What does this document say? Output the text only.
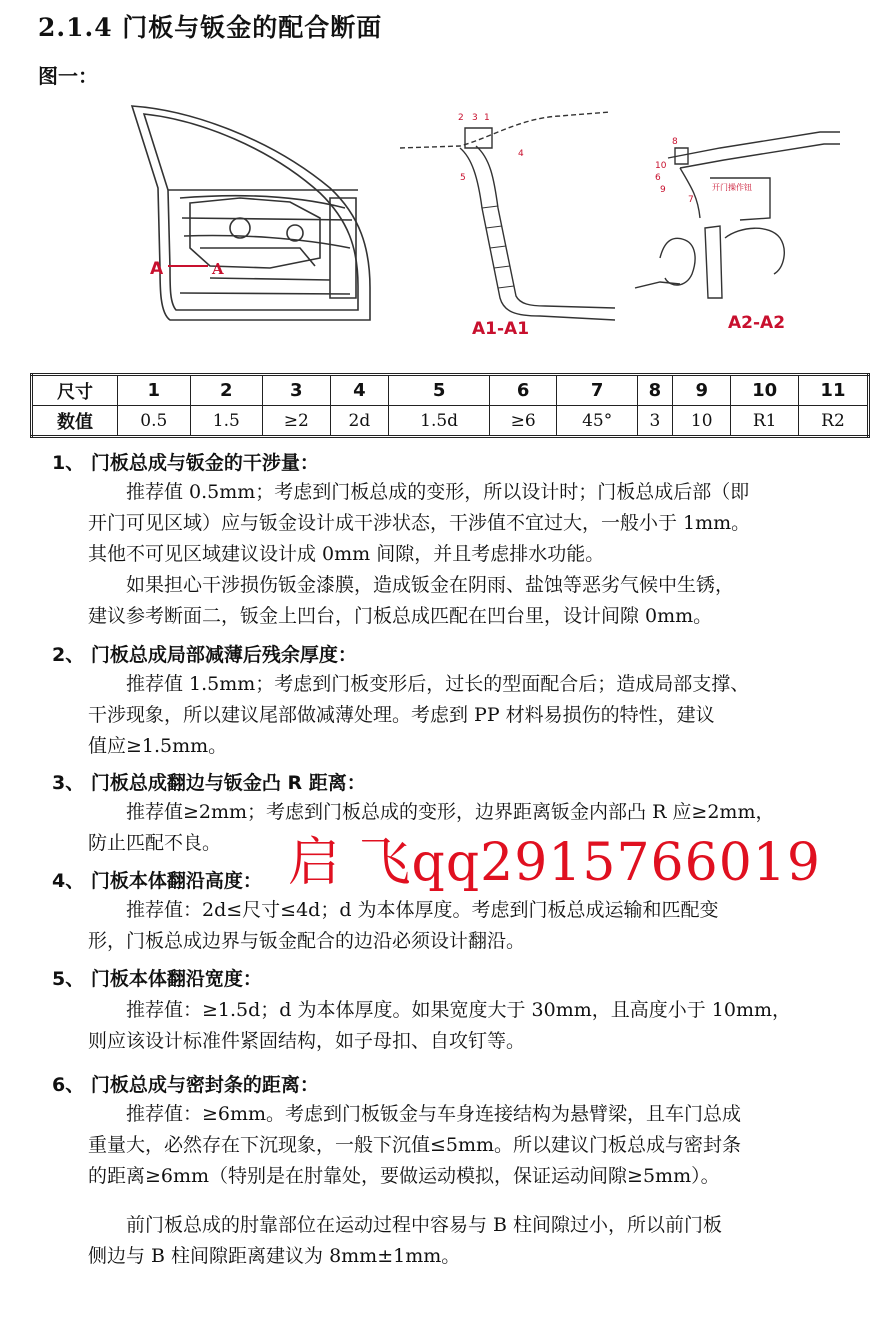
2.1.4 门板与钣金的配合断面
图一：
A	A
2 3 1
4
5
A1-A1
8
10
6
7
9	开门操作钮
A2-A2
尺寸	1	2	3	4	5	6	7	8	9	10	11
数值	0.5	1.5	≥2	2d	1.5d	≥6	45°	3	10	R1	R2
1、 门板总成与钣金的干涉量：
　　推荐值 0.5mm；考虑到门板总成的变形，所以设计时；门板总成后部（即
开门可见区域）应与钣金设计成干涉状态，干涉值不宜过大，一般小于 1mm。
其他不可见区域建议设计成 0mm 间隙，并且考虑排水功能。
　　如果担心干涉损伤钣金漆膜，造成钣金在阴雨、盐蚀等恶劣气候中生锈，
建议参考断面二，钣金上凹台，门板总成匹配在凹台里，设计间隙 0mm。
2、 门板总成局部减薄后残余厚度：
　　推荐值 1.5mm；考虑到门板变形后，过长的型面配合后；造成局部支撑、
干涉现象，所以建议尾部做减薄处理。考虑到 PP 材料易损伤的特性，建议
值应≥1.5mm。
3、 门板总成翻边与钣金凸 R 距离：
　　推荐值≥2mm；考虑到门板总成的变形，边界距离钣金内部凸 R 应≥2mm，
防止匹配不良。
4、 门板本体翻沿高度：
　　推荐值：2d≤尺寸≤4d；d 为本体厚度。考虑到门板总成运输和匹配变
形，门板总成边界与钣金配合的边沿必须设计翻沿。
5、 门板本体翻沿宽度：
　　推荐值：≥1.5d；d 为本体厚度。如果宽度大于 30mm，且高度小于 10mm，
则应该设计标准件紧固结构，如子母扣、自攻钉等。
6、 门板总成与密封条的距离：
　　推荐值：≥6mm。考虑到门板钣金与车身连接结构为悬臂梁，且车门总成
重量大，必然存在下沉现象，一般下沉值≤5mm。所以建议门板总成与密封条
的距离≥6mm（特别是在肘靠处，要做运动模拟，保证运动间隙≥5mm）。
　　前门板总成的肘靠部位在运动过程中容易与 B 柱间隙过小，所以前门板
侧边与 B 柱间隙距离建议为 8mm±1mm。
启 飞qq2915766019
